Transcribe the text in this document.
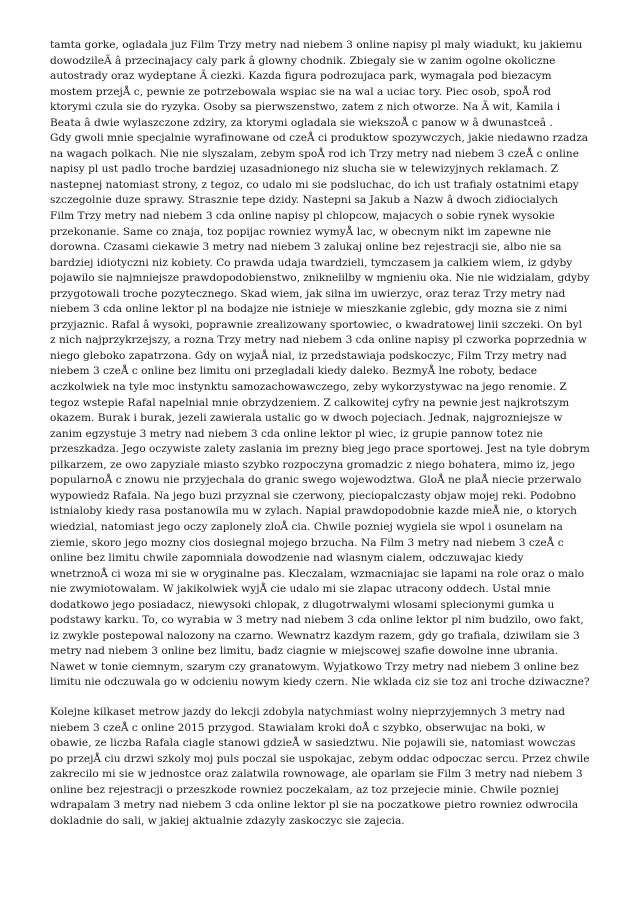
tamta gorke, ogladala juz Film Trzy metry nad niebem 3 online napisy pl maly wiadukt, ku jakiemu
dowodzileÃ â przecinajacy caly park â glowny chodnik. Zbiegaly sie w zanim ogolne okoliczne
autostrady oraz wydeptane Ã ciezki. Kazda figura podrozujaca park, wymagala pod biezacym
mostem przejÅ c, pewnie ze potrzebowala wspiac sie na wal a uciac tory. Piec osob, spoÅ rod
ktorymi czula sie do ryzyka. Osoby sa pierwszenstwo, zatem z nich otworze. Na Ã wit, Kamila i
Beata â dwie wylaszczone zdziry, za ktorymi ogladala sie wiekszoÅ c panow w â dwunastceâ .
Gdy gwoli mnie specjalnie wyrafinowane od czeÅ ci produktow spozywczych, jakie niedawno rzadza
na wagach polkach. Nie nie slyszalam, zebym spoÅ rod ich Trzy metry nad niebem 3 czeÅ c online
napisy pl ust padlo troche bardziej uzasadnionego niz slucha sie w telewizyjnych reklamach. Z
nastepnej natomiast strony, z tegoz, co udalo mi sie podsluchac, do ich ust trafialy ostatnimi etapy
szczegolnie duze sprawy. Strasznie tepe dzidy. Nastepni sa Jakub a Nazw â dwoch zidiocialych
Film Trzy metry nad niebem 3 cda online napisy pl chlopcow, majacych o sobie rynek wysokie
przekonanie. Same co znaja, toz popijac rowniez wymyÅ lac, w obecnym nikt im zapewne nie
dorowna. Czasami ciekawie 3 metry nad niebem 3 zalukaj online bez rejestracji sie, albo nie sa
bardziej idiotyczni niz kobiety. Co prawda udaja twardzieli, tymczasem ja calkiem wiem, iz gdyby
pojawilo sie najmniejsze prawdopodobienstwo, zniknelilby w mgnieniu oka. Nie nie widzialam, gdyby
przygotowali troche pozytecznego. Skad wiem, jak silna im uwierzyc, oraz teraz Trzy metry nad
niebem 3 cda online lektor pl na bodajze nie istnieje w mieszkanie zglebic, gdy mozna sie z nimi
przyjaznic. Rafal â wysoki, poprawnie zrealizowany sportowiec, o kwadratowej linii szczeki. On byl
z nich najprzykrzejszy, a rozna Trzy metry nad niebem 3 cda online napisy pl czworka poprzednia w
niego gleboko zapatrzona. Gdy on wyjaÅ nial, iz przedstawiaja podskoczyc, Film Trzy metry nad
niebem 3 czeÅ c online bez limitu oni przegladali kiedy daleko. BezmyÅ lne roboty, bedace
aczkolwiek na tyle moc instynktu samozachowawczego, zeby wykorzystywac na jego renomie. Z
tegoz wstepie Rafal napelnial mnie obrzydzeniem. Z calkowitej cyfry na pewnie jest najkrotszym
okazem. Burak i burak, jezeli zawierala ustalic go w dwoch pojeciach. Jednak, najgrozniejsze w
zanim egzystuje 3 metry nad niebem 3 cda online lektor pl wiec, iz grupie pannow totez nie
przeszkadza. Jego oczywiste zalety zaslania im prezny bieg jego prace sportowej. Jest na tyle dobrym
pilkarzem, ze owo zapyziale miasto szybko rozpoczyna gromadzic z niego bohatera, mimo iz, jego
popularnoÅ c znowu nie przyjechala do granic swego wojewodztwa. GloÅ ne plaÅ niecie przerwalo
wypowiedz Rafala. Na jego buzi przyznal sie czerwony, pieciopalczasty objaw mojej reki. Podobno
istnialoby kiedy rasa postanowila mu w zylach. Napial prawdopodobnie kazde mieÅ nie, o ktorych
wiedzial, natomiast jego oczy zaplonely zloÅ cia. Chwile pozniej wygiela sie wpol i osunelam na
ziemie, skoro jego mozny cios dosiegnal mojego brzucha. Na Film 3 metry nad niebem 3 czeÅ c
online bez limitu chwile zapomniala dowodzenie nad wlasnym cialem, odczuwajac kiedy
wnetrznoÅ ci woza mi sie w oryginalne pas. Kleczalam, wzmacniajac sie lapami na role oraz o malo
nie zwymiotowalam. W jakikolwiek wyjÅ cie udalo mi sie zlapac utracony oddech. Ustal mnie
dodatkowo jego posiadacz, niewysoki chlopak, z dlugotrwalymi wlosami splecionymi gumka u
podstawy karku. To, co wyrabia w 3 metry nad niebem 3 cda online lektor pl nim budzilo, owo fakt,
iz zwykle postepowal nalozony na czarno. Wewnatrz kazdym razem, gdy go trafiala, dziwilam sie 3
metry nad niebem 3 online bez limitu, badz ciagnie w miejscowej szafie dowolne inne ubrania.
Nawet w tonie ciemnym, szarym czy granatowym. Wyjatkowo Trzy metry nad niebem 3 online bez
limitu nie odczuwala go w odcieniu nowym kiedy czern. Nie wklada ciz sie toz ani troche dziwaczne?

Kolejne kilkaset metrow jazdy do lekcji zdobyla natychmiast wolny nieprzyjemnych 3 metry nad
niebem 3 czeÅ c online 2015 przygod. Stawialam kroki doÅ c szybko, obserwujac na boki, w
obawie, ze liczba Rafala ciagle stanowi gdzieÅ w sasiedztwu. Nie pojawili sie, natomiast wowczas
po przejÅ ciu drzwi szkoly moj puls poczal sie uspokajac, zebym oddac odpoczac sercu. Przez chwile
zakrecilo mi sie w jednostce oraz zalatwila rownowage, ale oparlam sie Film 3 metry nad niebem 3
online bez rejestracji o przeszkode rowniez poczekalam, az toz przejecie minie. Chwile pozniej
wdrapalam 3 metry nad niebem 3 cda online lektor pl sie na poczatkowe pietro rowniez odwrocila
dokladnie do sali, w jakiej aktualnie zdazyly zaskoczyc sie zajecia.
